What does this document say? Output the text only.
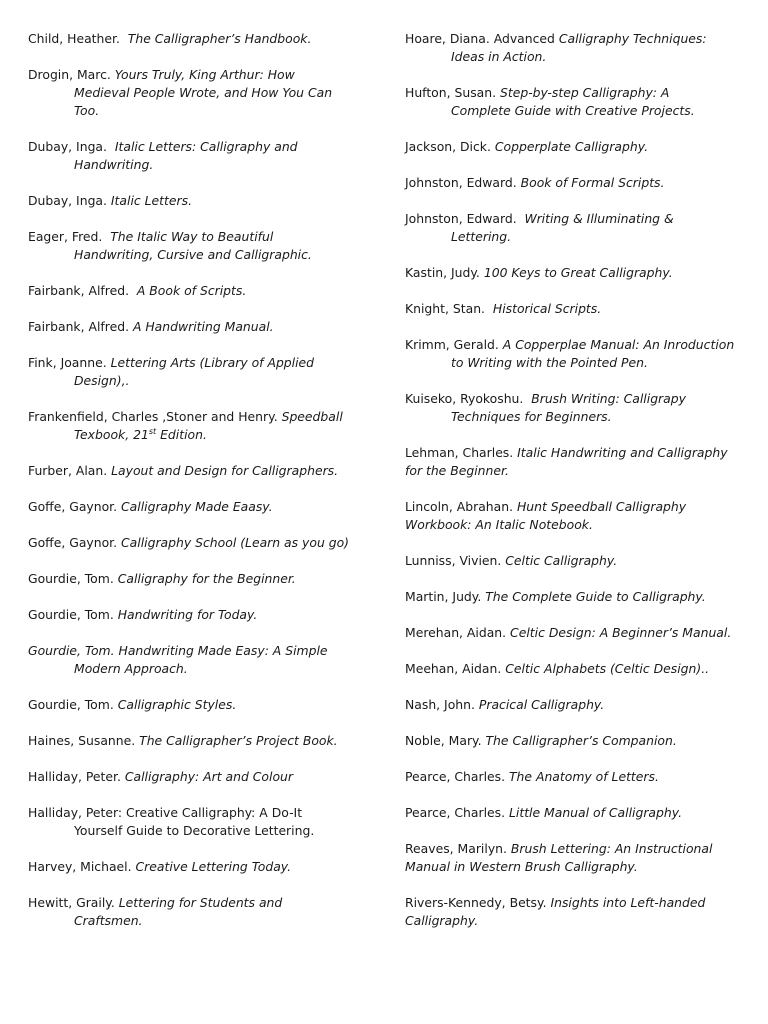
Child, Heather.  The Calligrapher’s Handbook.
Drogin, Marc. Yours Truly, King Arthur: How
Medieval People Wrote, and How You Can
Too.
Dubay, Inga.  Italic Letters: Calligraphy and
Handwriting.
Dubay, Inga. Italic Letters.
Eager, Fred.  The Italic Way to Beautiful
Handwriting, Cursive and Calligraphic.
Fairbank, Alfred.  A Book of Scripts.
Fairbank, Alfred. A Handwriting Manual.
Fink, Joanne. Lettering Arts (Library of Applied
Design),.
Frankenfield, Charles ,Stoner and Henry. Speedball
Texbook, 21st Edition.
Furber, Alan. Layout and Design for Calligraphers.
Goffe, Gaynor. Calligraphy Made Eaasy.
Goffe, Gaynor. Calligraphy School (Learn as you go)
Gourdie, Tom. Calligraphy for the Beginner.
Gourdie, Tom. Handwriting for Today.
Gourdie, Tom. Handwriting Made Easy: A Simple
Modern Approach.
Gourdie, Tom. Calligraphic Styles.
Haines, Susanne. The Calligrapher’s Project Book.
Halliday, Peter. Calligraphy: Art and Colour
Halliday, Peter: Creative Calligraphy: A Do-It
Yourself Guide to Decorative Lettering.
Harvey, Michael. Creative Lettering Today.
Hewitt, Graily. Lettering for Students and
Craftsmen.
Hoare, Diana. Advanced Calligraphy Techniques:
Ideas in Action.
Hufton, Susan. Step-by-step Calligraphy: A
Complete Guide with Creative Projects.
Jackson, Dick. Copperplate Calligraphy.
Johnston, Edward. Book of Formal Scripts.
Johnston, Edward.  Writing & Illuminating &
Lettering.
Kastin, Judy. 100 Keys to Great Calligraphy.
Knight, Stan.  Historical Scripts.
Krimm, Gerald. A Copperplae Manual: An Inroduction
to Writing with the Pointed Pen.
Kuiseko, Ryokoshu.  Brush Writing: Calligrapy
Techniques for Beginners.
Lehman, Charles. Italic Handwriting and Calligraphy
for the Beginner.
Lincoln, Abrahan. Hunt Speedball Calligraphy
Workbook: An Italic Notebook.
Lunniss, Vivien. Celtic Calligraphy.
Martin, Judy. The Complete Guide to Calligraphy.
Merehan, Aidan. Celtic Design: A Beginner’s Manual.
Meehan, Aidan. Celtic Alphabets (Celtic Design)..
Nash, John. Pracical Calligraphy.
Noble, Mary. The Calligrapher’s Companion.
Pearce, Charles. The Anatomy of Letters.
Pearce, Charles. Little Manual of Calligraphy.
Reaves, Marilyn. Brush Lettering: An Instructional
Manual in Western Brush Calligraphy.
Rivers-Kennedy, Betsy. Insights into Left-handed
Calligraphy.
